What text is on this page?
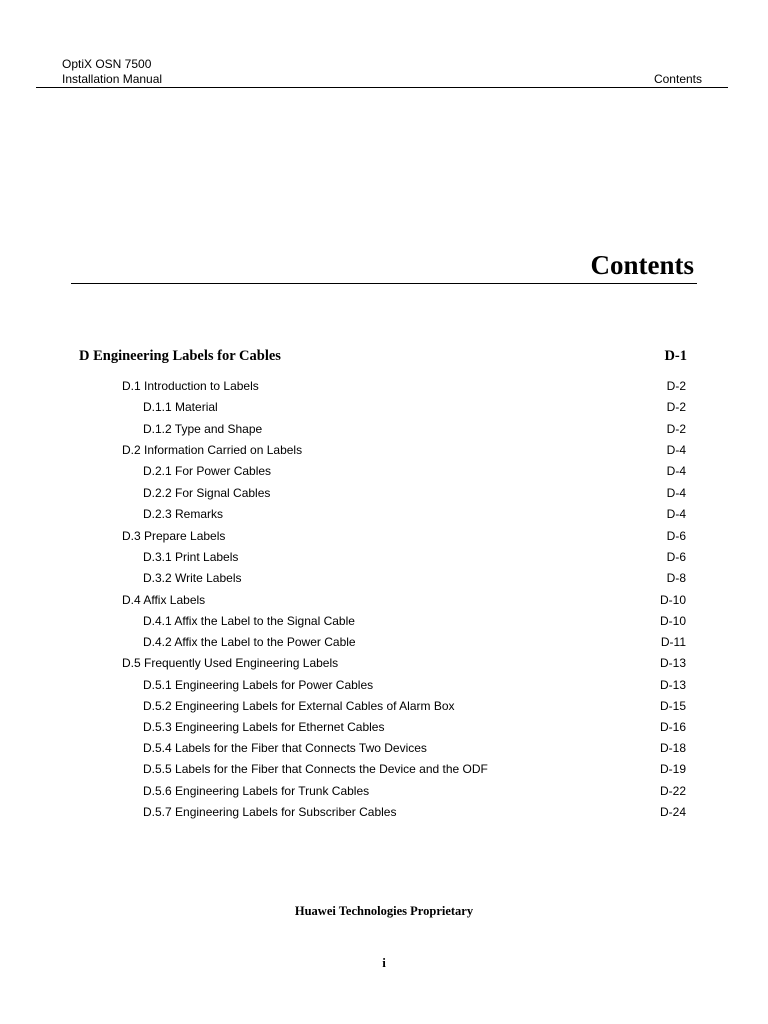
OptiX OSN 7500
Installation Manual	Contents
Contents
D Engineering Labels for Cables	D-1
D.1 Introduction to Labels	D-2
D.1.1 Material	D-2
D.1.2 Type and Shape	D-2
D.2 Information Carried on Labels	D-4
D.2.1 For Power Cables	D-4
D.2.2 For Signal Cables	D-4
D.2.3 Remarks	D-4
D.3 Prepare Labels	D-6
D.3.1 Print Labels	D-6
D.3.2 Write Labels	D-8
D.4 Affix Labels	D-10
D.4.1 Affix the Label to the Signal Cable	D-10
D.4.2 Affix the Label to the Power Cable	D-11
D.5 Frequently Used Engineering Labels	D-13
D.5.1 Engineering Labels for Power Cables	D-13
D.5.2 Engineering Labels for External Cables of Alarm Box	D-15
D.5.3 Engineering Labels for Ethernet Cables	D-16
D.5.4 Labels for the Fiber that Connects Two Devices	D-18
D.5.5 Labels for the Fiber that Connects the Device and the ODF	D-19
D.5.6 Engineering Labels for Trunk Cables	D-22
D.5.7 Engineering Labels for Subscriber Cables	D-24
Huawei Technologies Proprietary
i
